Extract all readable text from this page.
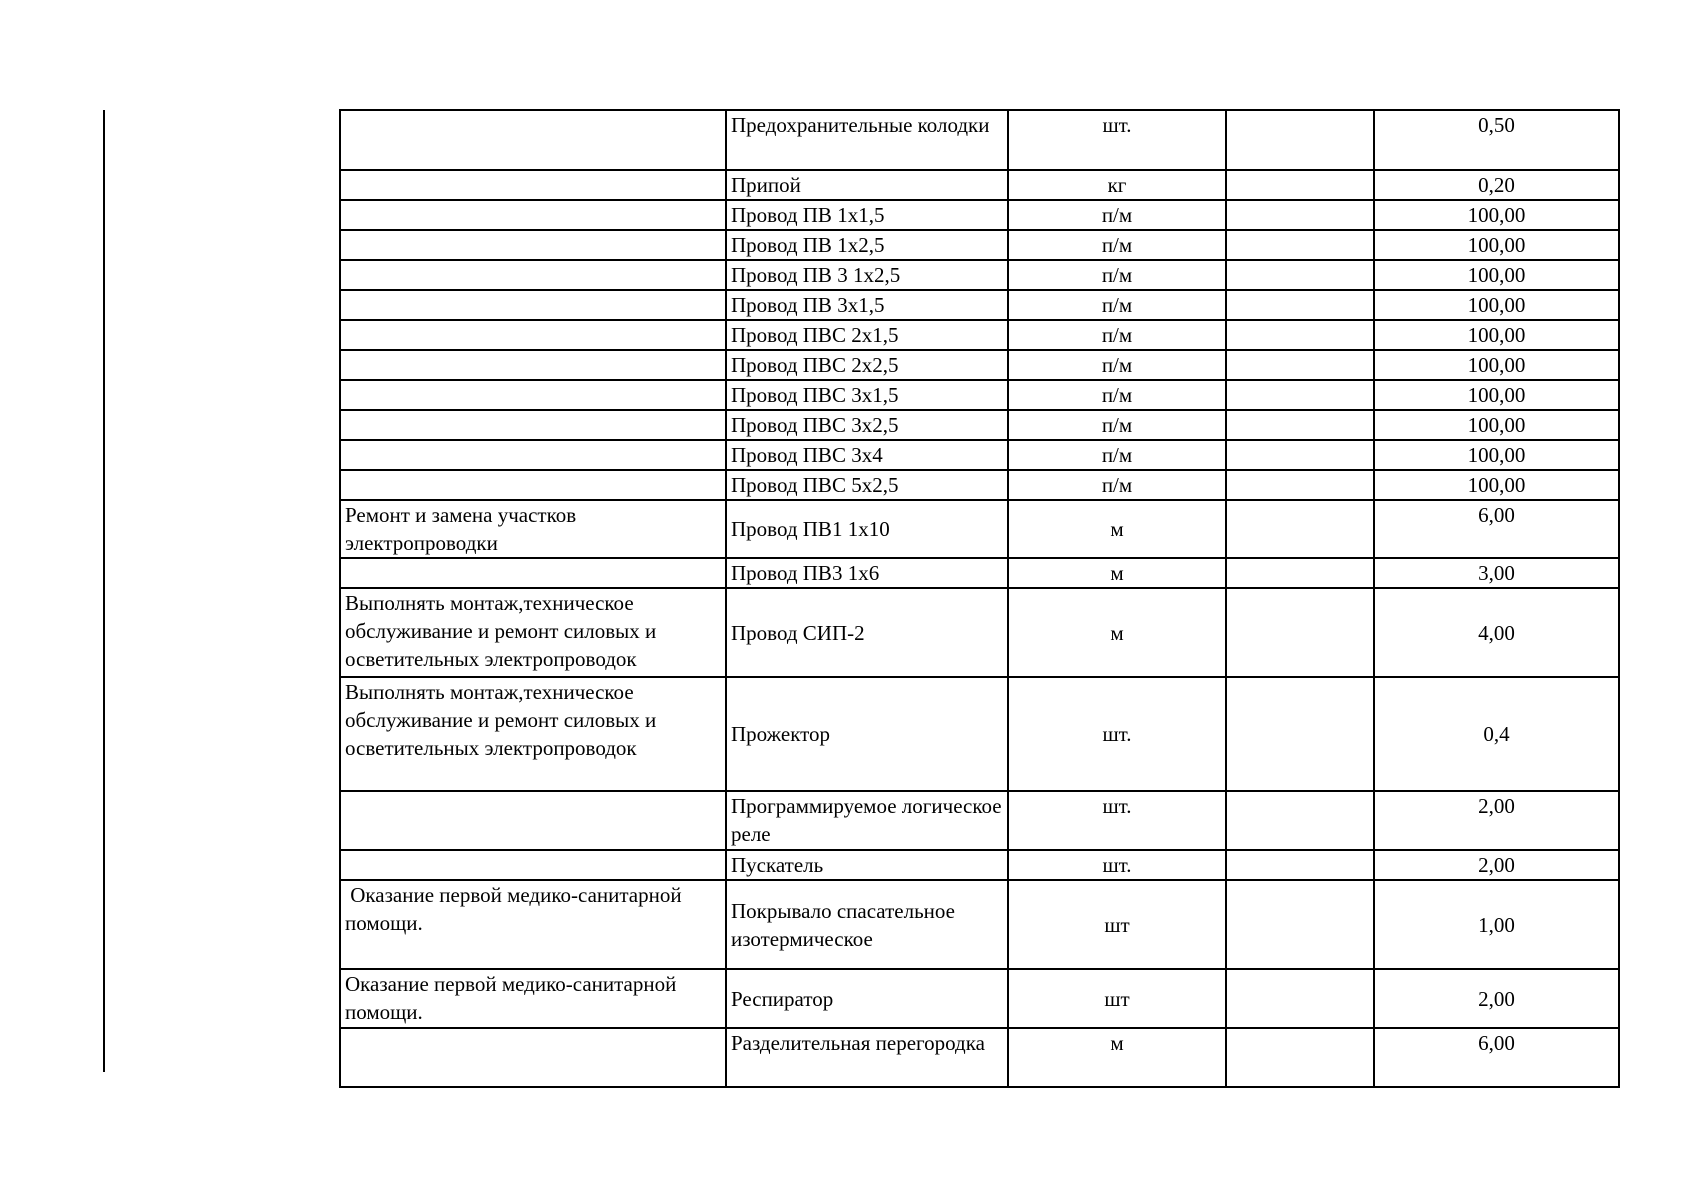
	Предохранительные колодки	шт.		0,50
	Припой	кг		0,20
	Провод ПВ 1х1,5	п/м		100,00
	Провод ПВ 1х2,5	п/м		100,00
	Провод ПВ 3 1х2,5	п/м		100,00
	Провод ПВ 3х1,5	п/м		100,00
	Провод ПВС 2х1,5	п/м		100,00
	Провод ПВС 2х2,5	п/м		100,00
	Провод ПВС 3х1,5	п/м		100,00
	Провод ПВС 3х2,5	п/м		100,00
	Провод ПВС 3х4	п/м		100,00
	Провод ПВС 5х2,5	п/м		100,00
Ремонт и замена участков электропроводки	Провод ПВ1 1х10	м		6,00
	Провод ПВ3 1х6	м		3,00
Выполнять монтаж,техническое обслуживание и ремонт силовых и осветительных электропроводок	Провод СИП-2	м		4,00
Выполнять монтаж,техническое обслуживание и ремонт силовых и осветительных электропроводок	Прожектор	шт.		0,4
	Программируемое логическое реле	шт.		2,00
	Пускатель	шт.		2,00
Оказание первой медико-санитарной помощи.	Покрывало спасательное изотермическое	шт		1,00
Оказание первой медико-санитарной помощи.	Респиратор	шт		2,00
	Разделительная перегородка	м		6,00
